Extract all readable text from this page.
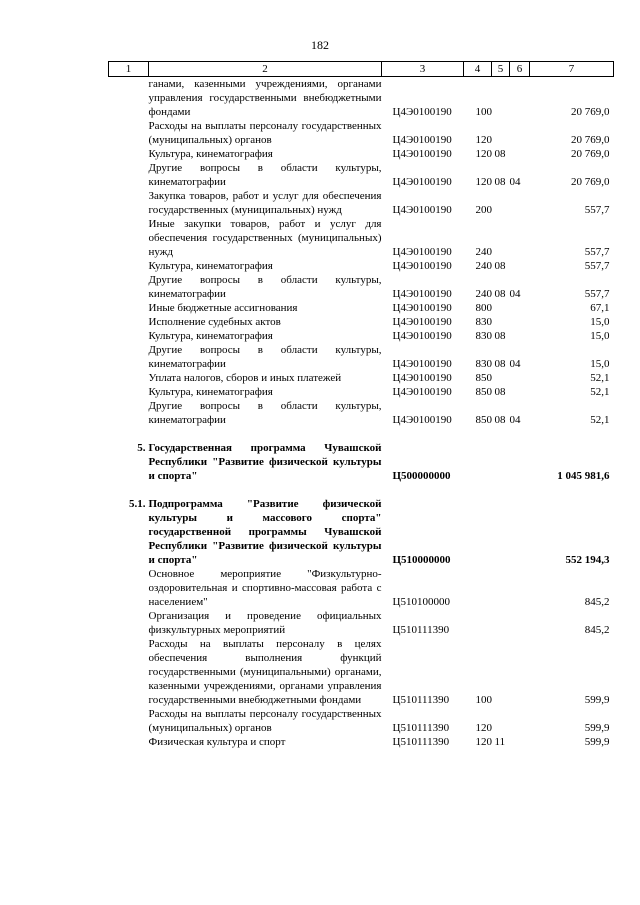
182
1	2	3	4	5	6	7
	ганами, казенными учреждениями, органами управления государственными внебюджетными фондами	Ц4Э0100190	100			20 769,0
	Расходы на выплаты персоналу государственных (муниципальных) органов	Ц4Э0100190	120			20 769,0
	Культура, кинематография	Ц4Э0100190	120	08		20 769,0
	Другие вопросы в области культуры, кинематографии	Ц4Э0100190	120	08	04	20 769,0
	Закупка товаров, работ и услуг для обеспечения государственных (муниципальных) нужд	Ц4Э0100190	200			557,7
	Иные закупки товаров, работ и услуг для обеспечения государственных (муниципальных) нужд	Ц4Э0100190	240			557,7
	Культура, кинематография	Ц4Э0100190	240	08		557,7
	Другие вопросы в области культуры, кинематографии	Ц4Э0100190	240	08	04	557,7
	Иные бюджетные ассигнования	Ц4Э0100190	800			67,1
	Исполнение судебных актов	Ц4Э0100190	830			15,0
	Культура, кинематография	Ц4Э0100190	830	08		15,0
	Другие вопросы в области культуры, кинематографии	Ц4Э0100190	830	08	04	15,0
	Уплата налогов, сборов и иных платежей	Ц4Э0100190	850			52,1
	Культура, кинематография	Ц4Э0100190	850	08		52,1
	Другие вопросы в области культуры, кинематографии	Ц4Э0100190	850	08	04	52,1

5.	Государственная программа Чувашской Республики "Развитие физической культуры и спорта"	Ц500000000				1 045 981,6

5.1.	Подпрограмма "Развитие физической культуры и массового спорта" государственной программы Чувашской Республики "Развитие физической культуры и спорта"	Ц510000000				552 194,3
	Основное мероприятие "Физкультурно-оздоровительная и спортивно-массовая работа с населением"	Ц510100000				845,2
	Организация и проведение официальных физкультурных мероприятий	Ц510111390				845,2
	Расходы на выплаты персоналу в целях обеспечения выполнения функций государственными (муниципальными) органами, казенными учреждениями, органами управления государственными внебюджетными фондами	Ц510111390	100			599,9
	Расходы на выплаты персоналу государственных (муниципальных) органов	Ц510111390	120			599,9
	Физическая культура и спорт	Ц510111390	120	11		599,9
